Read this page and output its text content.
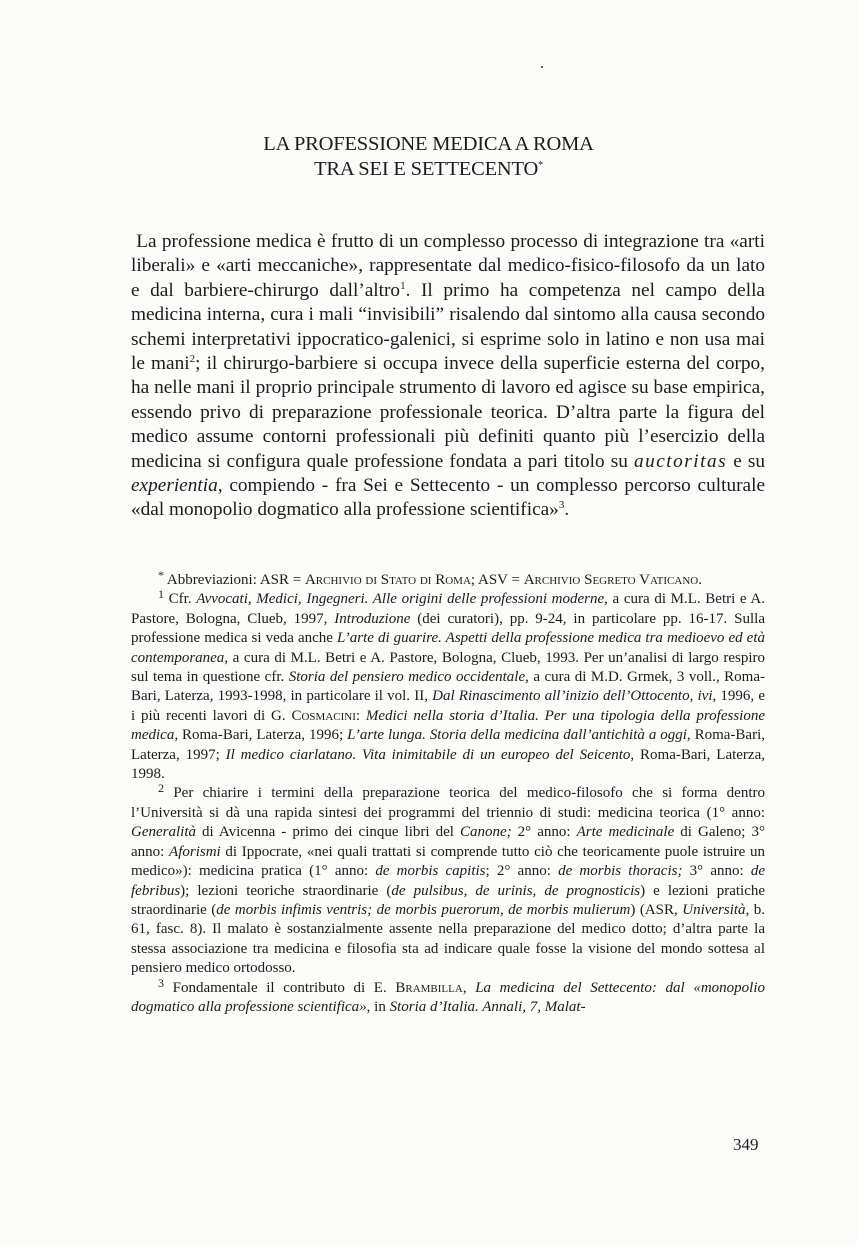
LA PROFESSIONE MEDICA A ROMA
TRA SEI E SETTECENTO*
La professione medica è frutto di un complesso processo di integrazione tra «arti liberali» e «arti meccaniche», rappresentate dal medico-fisico-filosofo da un lato e dal barbiere-chirurgo dall’altro$^1$. Il primo ha competenza nel campo della medicina interna, cura i mali “invisibili” risalendo dal sintomo alla causa secondo schemi interpretativi ippocratico-galenici, si esprime solo in latino e non usa mai le mani$^2$; il chirurgo-barbiere si occupa invece della superficie esterna del corpo, ha nelle mani il proprio principale strumento di lavoro ed agisce su base empirica, essendo privo di preparazione professionale teorica. D’altra parte la figura del medico assume contorni professionali più definiti quanto più l’esercizio della medicina si configura quale professione fondata a pari titolo su auctoritas e su experientia, compiendo - fra Sei e Settecento - un complesso percorso culturale «dal monopolio dogmatico alla professione scientifica»$^3$.

* Abbreviazioni: ASR = Archivio di Stato di Roma; ASV = Archivio Segreto Vaticano.

$^1$ Cfr. Avvocati, Medici, Ingegneri. Alle origini delle professioni moderne, a cura di M.L. Betri e A. Pastore, Bologna, Clueb, 1997, Introduzione (dei curatori), pp. 9-24, in particolare pp. 16-17. Sulla professione medica si veda anche L’arte di guarire. Aspetti della professione medica tra medioevo ed età contemporanea, a cura di M.L. Betri e A. Pastore, Bologna, Clueb, 1993. Per un’analisi di largo respiro sul tema in questione cfr. Storia del pensiero medico occidentale, a cura di M.D. Grmek, 3 voll., Roma-Bari, Laterza, 1993-1998, in particolare il vol. II, Dal Rinascimento all’inizio dell’Ottocento, ivi, 1996, e i più recenti lavori di G. Cosmacini: Medici nella storia d’Italia. Per una tipologia della professione medica, Roma-Bari, Laterza, 1996; L’arte lunga. Storia della medicina dall’antichità a oggi, Roma-Bari, Laterza, 1997; Il medico ciarlatano. Vita inimitabile di un europeo del Seicento, Roma-Bari, Laterza, 1998.

$^2$ Per chiarire i termini della preparazione teorica del medico-filosofo che si forma dentro l’Università si dà una rapida sintesi dei programmi del triennio di studi: medicina teorica (1° anno: Generalità di Avicenna - primo dei cinque libri del Canone; 2° anno: Arte medicinale di Galeno; 3° anno: Aforismi di Ippocrate, «nei quali trattati si comprende tutto ciò che teoricamente puole istruire un medico»): medicina pratica (1° anno: de morbis capitis; 2° anno: de morbis thoracis; 3° anno: de febribus); lezioni teoriche straordinarie (de pulsibus, de urinis, de prognosticis) e lezioni pratiche straordinarie (de morbis infimis ventris; de morbis puerorum, de morbis mulierum) (ASR, Università, b. 61, fasc. 8). Il malato è sostanzialmente assente nella preparazione del medico dotto; d’altra parte la stessa associazione tra medicina e filosofia sta ad indicare quale fosse la visione del mondo sottesa al pensiero medico ortodosso.

$^3$ Fondamentale il contributo di E. Brambilla, La medicina del Settecento: dal «monopolio dogmatico alla professione scientifica», in Storia d’Italia. Annali, 7, Malat-

349
